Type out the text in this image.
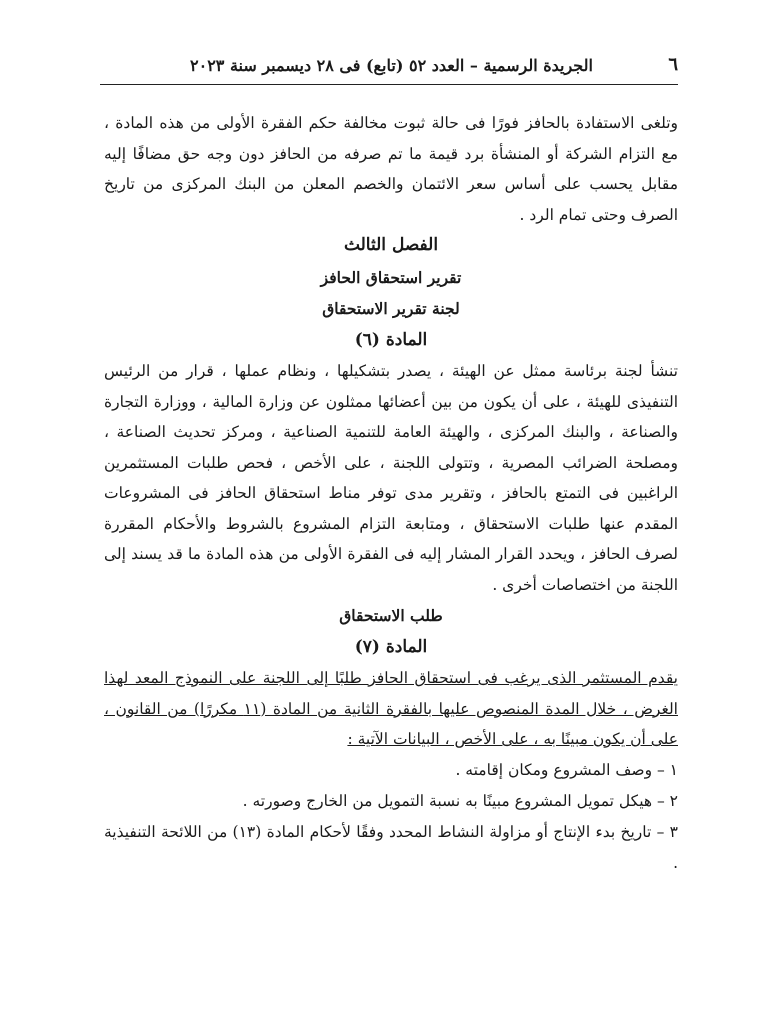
٦
الجريدة الرسمية – العدد ٥٢ (تابع) فى ٢٨ ديسمبر سنة ٢٠٢٣

وتلغى الاستفادة بالحافز فورًا فى حالة ثبوت مخالفة حكم الفقرة الأولى من هذه المادة ، مع التزام الشركة أو المنشأة برد قيمة ما تم صرفه من الحافز دون وجه حق مضافًا إليه مقابل يحسب على أساس سعر الائتمان والخصم المعلن من البنك المركزى من تاريخ الصرف وحتى تمام الرد .

الفصل الثالث

تقرير استحقاق الحافز

لجنة تقرير الاستحقاق

المادة (٦)

تنشأ لجنة برئاسة ممثل عن الهيئة ، يصدر بتشكيلها ، ونظام عملها ، قرار من الرئيس التنفيذى للهيئة ، على أن يكون من بين أعضائها ممثلون عن وزارة المالية ، ووزارة التجارة والصناعة ، والبنك المركزى ، والهيئة العامة للتنمية الصناعية ، ومركز تحديث الصناعة ، ومصلحة الضرائب المصرية ، وتتولى اللجنة ، على الأخص ، فحص طلبات المستثمرين الراغبين فى التمتع بالحافز ، وتقرير مدى توفر مناط استحقاق الحافز فى المشروعات المقدم عنها طلبات الاستحقاق ، ومتابعة التزام المشروع بالشروط والأحكام المقررة لصرف الحافز ، ويحدد القرار المشار إليه فى الفقرة الأولى من هذه المادة ما قد يسند إلى اللجنة من اختصاصات أخرى .

طلب الاستحقاق

المادة (٧)

يقدم المستثمر الذى يرغب فى استحقاق الحافز طلبًا إلى اللجنة على النموذج المعد لهذا الغرض ، خلال المدة المنصوص عليها بالفقرة الثانية من المادة (١١ مكررًا) من القانون ، على أن يكون مبينًا به ، على الأخص ، البيانات الآتية :

١ – وصف المشروع ومكان إقامته .

٢ – هيكل تمويل المشروع مبينًا به نسبة التمويل من الخارج وصورته .

٣ – تاريخ بدء الإنتاج أو مزاولة النشاط المحدد وفقًا لأحكام المادة (١٣) من اللائحة التنفيذية .
